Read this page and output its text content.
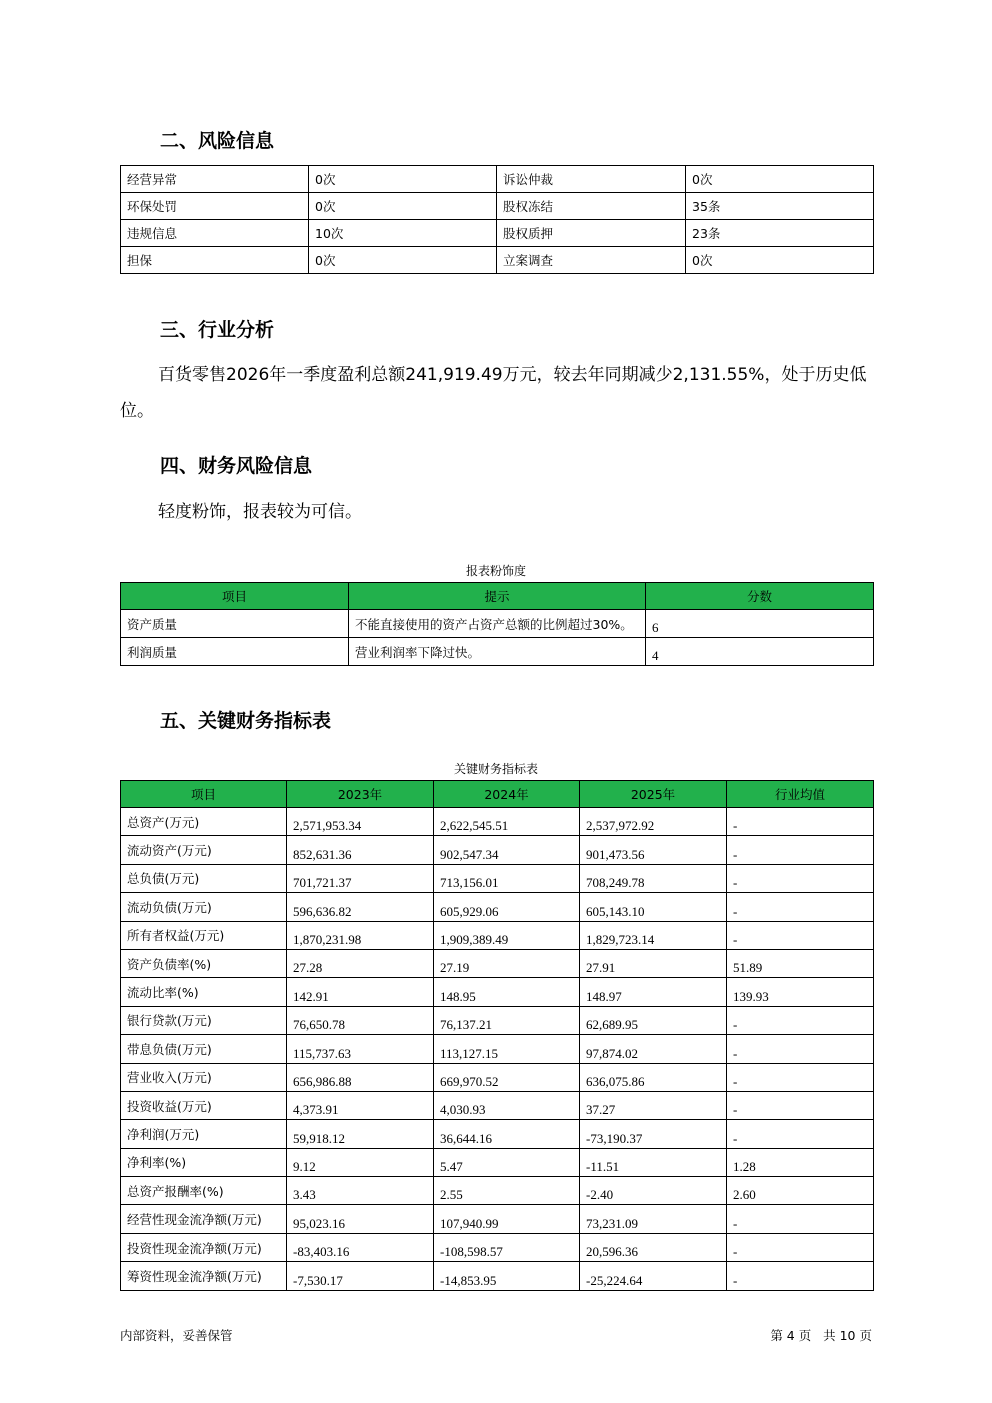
二、风险信息
经营异常	0次	诉讼仲裁	0次
环保处罚	0次	股权冻结	35条
违规信息	10次	股权质押	23条
担保	0次	立案调查	0次
三、行业分析

百货零售2026年一季度盈利总额241,919.49万元，较去年同期减少2,131.55%，处于历史低位。

四、财务风险信息

轻度粉饰，报表较为可信。

报表粉饰度
项目	提示	分数
资产质量	不能直接使用的资产占资产总额的比例超过30%。	6
利润质量	营业利润率下降过快。	4
五、关键财务指标表
关键财务指标表
项目	2023年	2024年	2025年	行业均值
总资产(万元)	2,571,953.34	2,622,545.51	2,537,972.92	-
流动资产(万元)	852,631.36	902,547.34	901,473.56	-
总负债(万元)	701,721.37	713,156.01	708,249.78	-
流动负债(万元)	596,636.82	605,929.06	605,143.10	-
所有者权益(万元)	1,870,231.98	1,909,389.49	1,829,723.14	-
资产负债率(%)	27.28	27.19	27.91	51.89
流动比率(%)	142.91	148.95	148.97	139.93
银行贷款(万元)	76,650.78	76,137.21	62,689.95	-
带息负债(万元)	115,737.63	113,127.15	97,874.02	-
营业收入(万元)	656,986.88	669,970.52	636,075.86	-
投资收益(万元)	4,373.91	4,030.93	37.27	-
净利润(万元)	59,918.12	36,644.16	-73,190.37	-
净利率(%)	9.12	5.47	-11.51	1.28
总资产报酬率(%)	3.43	2.55	-2.40	2.60
经营性现金流净额(万元)	95,023.16	107,940.99	73,231.09	-
投资性现金流净额(万元)	-83,403.16	-108,598.57	20,596.36	-
筹资性现金流净额(万元)	-7,530.17	-14,853.95	-25,224.64	-
内部资料，妥善保管	第 4 页   共 10 页
